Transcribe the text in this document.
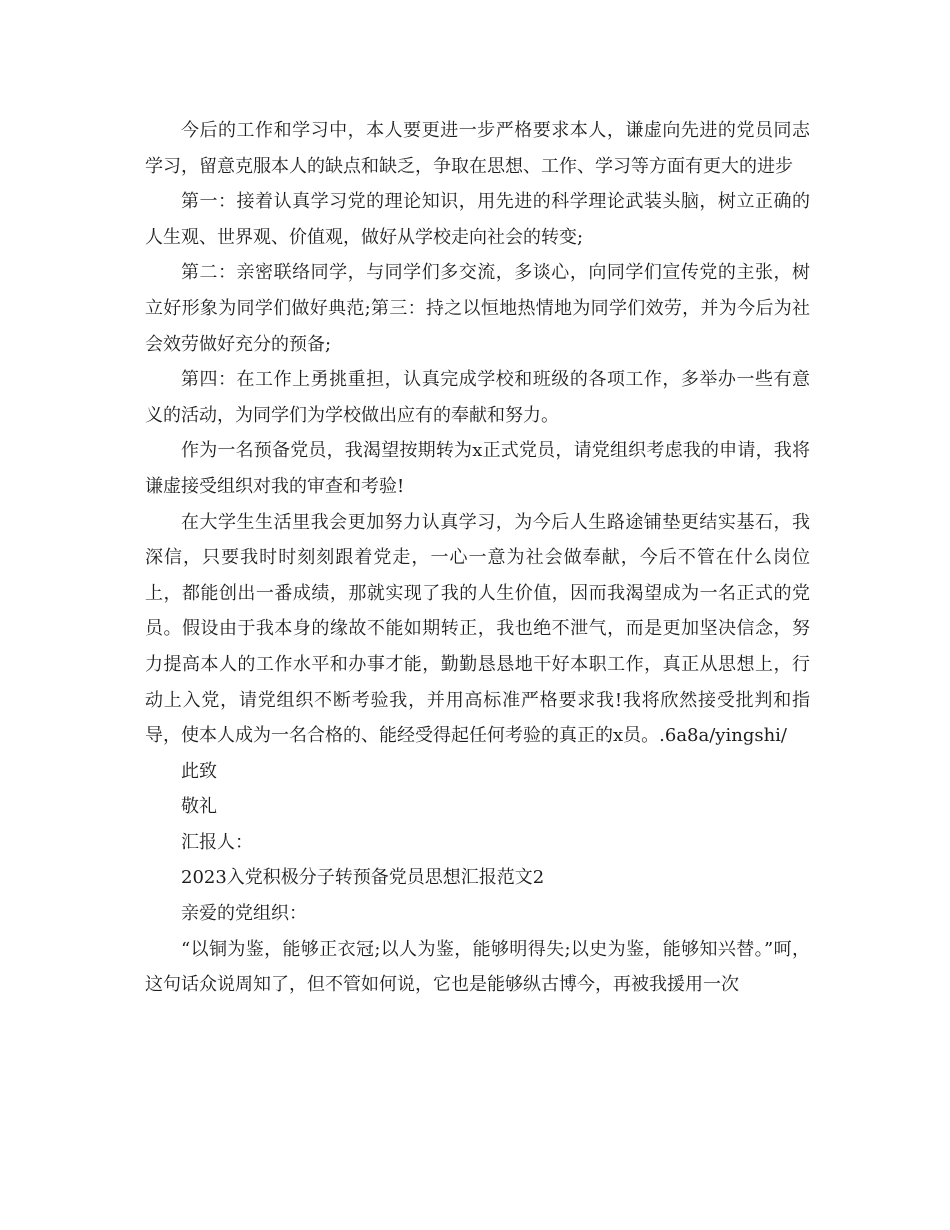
今后的工作和学习中，本人要更进一步严格要求本人，谦虚向先进的党员同志学习，留意克服本人的缺点和缺乏，争取在思想、工作、学习等方面有更大的进步

第一：接着认真学习党的理论知识，用先进的科学理论武装头脑，树立正确的人生观、世界观、价值观，做好从学校走向社会的转变;

第二：亲密联络同学，与同学们多交流，多谈心，向同学们宣传党的主张，树立好形象为同学们做好典范;第三：持之以恒地热情地为同学们效劳，并为今后为社会效劳做好充分的预备;

第四：在工作上勇挑重担，认真完成学校和班级的各项工作，多举办一些有意义的活动，为同学们为学校做出应有的奉献和努力。

作为一名预备党员，我渴望按期转为x正式党员，请党组织考虑我的申请，我将谦虚接受组织对我的审查和考验!

在大学生生活里我会更加努力认真学习，为今后人生路途铺垫更结实基石，我深信，只要我时时刻刻跟着党走，一心一意为社会做奉献，今后不管在什么岗位上，都能创出一番成绩，那就实现了我的人生价值，因而我渴望成为一名正式的党员。假设由于我本身的缘故不能如期转正，我也绝不泄气，而是更加坚决信念，努力提高本人的工作水平和办事才能，勤勤恳恳地干好本职工作，真正从思想上，行动上入党，请党组织不断考验我，并用高标准严格要求我!我将欣然接受批判和指导，使本人成为一名合格的、能经受得起任何考验的真正的x员。.6a8a/yingshi/

此致

敬礼

汇报人：

2023入党积极分子转预备党员思想汇报范文2

亲爱的党组织：

“以铜为鉴，能够正衣冠;以人为鉴，能够明得失;以史为鉴，能够知兴替。”呵，这句话众说周知了，但不管如何说，它也是能够纵古博今，再被我援用一次
